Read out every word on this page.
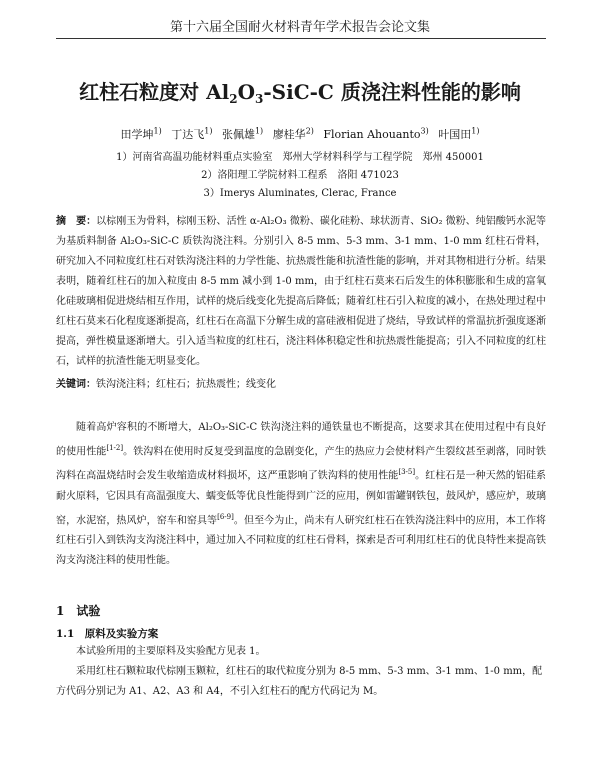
第十六届全国耐火材料青年学术报告会论文集
红柱石粒度对 $Al_2O_3-SiC-C$ 质浇注料性能的影响
田学坤$^{1)}$ 丁达飞$^{1)}$ 张佩雄$^{1)}$ 廖桂华$^{2)}$ Florian Ahouanto$^{3)}$ 叶国田$^{1)}$
1）河南省高温功能材料重点实验室　郑州大学材料科学与工程学院　郑州 450001
2）洛阳理工学院材料工程系　洛阳 471023
3）Imerys Aluminates, Clerac, France
摘　要：以棕刚玉为骨料，棕刚玉粉、活性 α-Al₂O₃ 微粉、碳化硅粉、球状沥青、SiO₂ 微粉、纯铝酸钙水泥等为基质料制备 Al₂O₃-SiC-C 质铁沟浇注料。分别引入 8-5 mm、5-3 mm、3-1 mm、1-0 mm 红柱石骨料，研究加入不同粒度红柱石对铁沟浇注料的力学性能、抗热震性能和抗渣性能的影响，并对其物相进行分析。结果表明，随着红柱石的加入粒度由 8-5 mm 减小到 1-0 mm，由于红柱石莫来石后发生的体积膨胀和生成的富氧化硅玻璃相促进烧结相互作用，试样的烧后线变化先提高后降低；随着红柱石引入粒度的减小，在热处理过程中红柱石莫来石化程度逐渐提高，红柱石在高温下分解生成的富硅液相促进了烧结，导致试样的常温抗折强度逐渐提高，弹性模量逐渐增大。引入适当粒度的红柱石，浇注料体积稳定性和抗热震性能提高；引入不同粒度的红柱石，试样的抗渣性能无明显变化。
关键词：铁沟浇注料；红柱石；抗热震性；线变化
随着高炉容积的不断增大，Al₂O₃-SiC-C 铁沟浇注料的通铁量也不断提高，这要求其在使用过程中有良好的使用性能[1-2]。铁沟料在使用时反复受到温度的急剧变化，产生的热应力会使材料产生裂纹甚至剥落，同时铁沟料在高温烧结时会发生收缩造成材料损坏，这严重影响了铁沟料的使用性能[3-5]。红柱石是一种天然的铝硅系耐火原料，它因具有高温强度大、蠕变低等优良性能得到广泛的应用，例如雷罐钢铁包，鼓风炉，感应炉，玻璃窑，水泥窑，热风炉，窑车和窑具等[6-9]。但至今为止，尚未有人研究红柱石在铁沟浇注料中的应用，本工作将红柱石引入到铁沟支沟浇注料中，通过加入不同粒度的红柱石骨料，探索是否可利用红柱石的优良特性来提高铁沟支沟浇注料的使用性能。
1　 试验
1.1　 原料及实验方案
本试验所用的主要原料及实验配方见表 1。
采用红柱石颗粒取代棕刚玉颗粒，红柱石的取代粒度分别为 8-5 mm、5-3 mm、3-1 mm、1-0 mm，配方代码分别记为 A1、A2、A3 和 A4，不引入红柱石的配方代码记为 M。
